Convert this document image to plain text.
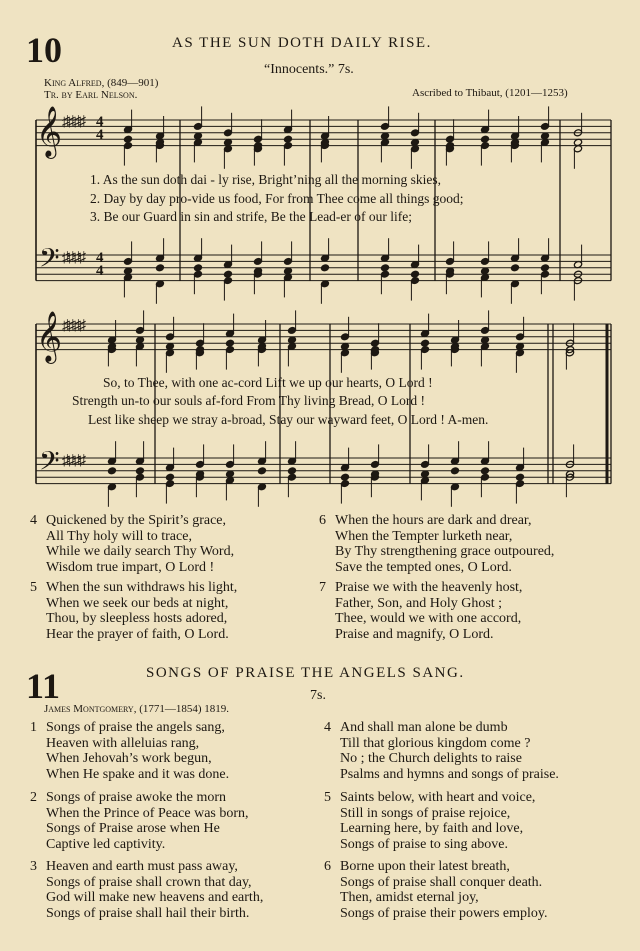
10	AS THE SUN DOTH DAILY RISE.
“Innocents.” 7s.
King Alfred, (849—901)
Tr. by Earl Nelson.	Ascribed to Thibaut, (1201—1253)
𝄞
𝄢
𝄞
𝄢
♯♯♯♯
♯♯♯♯
♯♯♯♯
♯♯♯♯
4
4
4
4
1. As the sun doth dai - ly rise, Bright’ning all the morning skies,
2. Day by day pro-vide us food, For from Thee come all things good;
3. Be our Guard in sin and strife, Be the Lead-er of our life;
So, to Thee, with one ac-cord Lift we up our hearts, O Lord !
Strength un-to our souls af-ford From Thy living Bread, O Lord !
Lest like sheep we stray a-broad, Stay our wayward feet, O Lord ! A-men.
4 Quickened by the Spirit’s grace,
All Thy holy will to trace,
While we daily search Thy Word,
Wisdom true impart, O Lord !
5 When the sun withdraws his light,
When we seek our beds at night,
Thou, by sleepless hosts adored,
Hear the prayer of faith, O Lord.
6 When the hours are dark and drear,
When the Tempter lurketh near,
By Thy strengthening grace outpoured,
Save the tempted ones, O Lord.
7 Praise we with the heavenly host,
Father, Son, and Holy Ghost ;
Thee, would we with one accord,
Praise and magnify, O Lord.
11	SONGS OF PRAISE THE ANGELS SANG.
7s.
James Montgomery, (1771—1854) 1819.
1 Songs of praise the angels sang,
Heaven with alleluias rang,
When Jehovah’s work begun,
When He spake and it was done.
2 Songs of praise awoke the morn
When the Prince of Peace was born,
Songs of Praise arose when He
Captive led captivity.
3 Heaven and earth must pass away,
Songs of praise shall crown that day,
God will make new heavens and earth,
Songs of praise shall hail their birth.
4 And shall man alone be dumb
Till that glorious kingdom come ?
No ; the Church delights to raise
Psalms and hymns and songs of praise.
5 Saints below, with heart and voice,
Still in songs of praise rejoice,
Learning here, by faith and love,
Songs of praise to sing above.
6 Borne upon their latest breath,
Songs of praise shall conquer death.
Then, amidst eternal joy,
Songs of praise their powers employ.
